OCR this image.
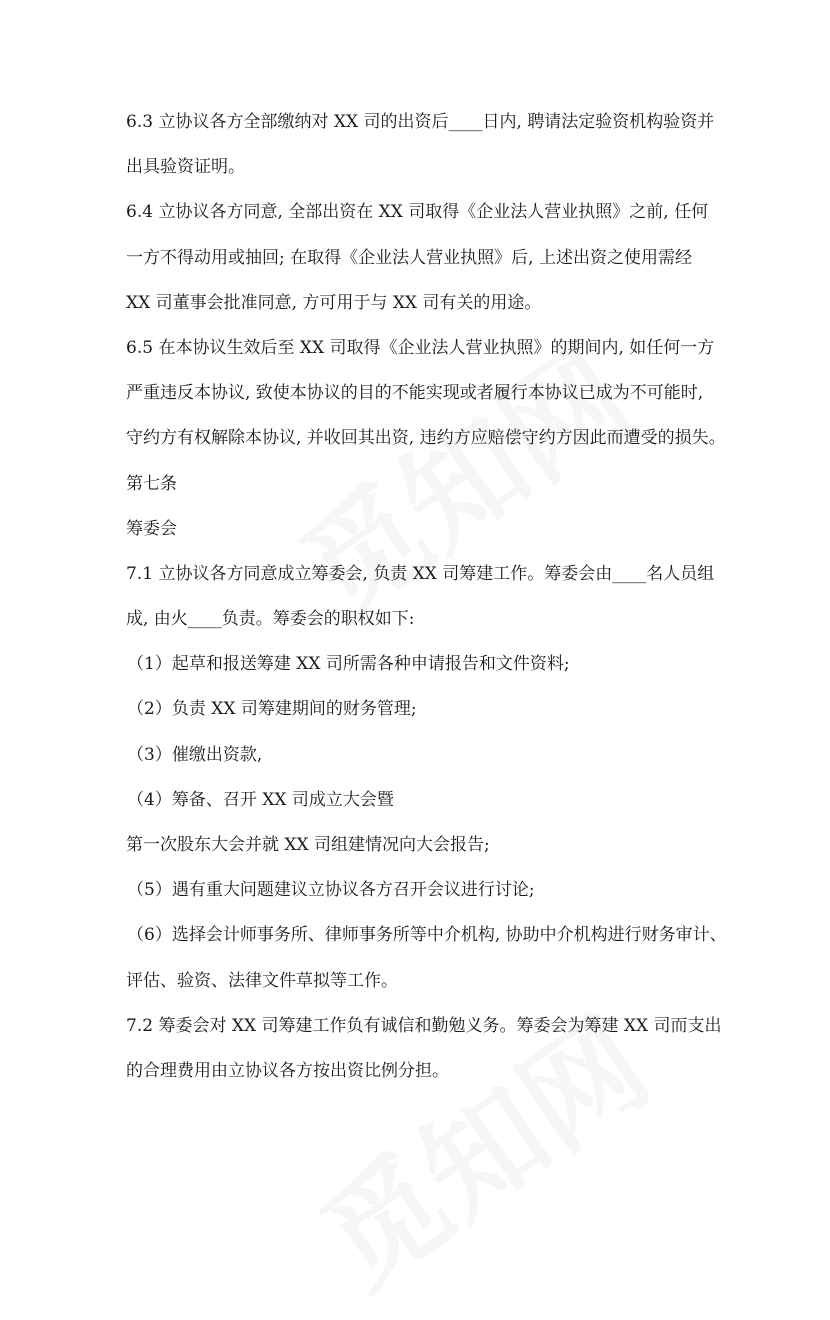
6.3 立协议各方全部缴纳对 XX 司的出资后____日内, 聘请法定验资机构验资并
出具验资证明。
6.4 立协议各方同意, 全部出资在 XX 司取得《企业法人营业执照》之前, 任何
一方不得动用或抽回; 在取得《企业法人营业执照》后, 上述出资之使用需经
XX 司董事会批准同意, 方可用于与 XX 司有关的用途。
6.5 在本协议生效后至 XX 司取得《企业法人营业执照》的期间内, 如任何一方
严重违反本协议, 致使本协议的目的不能实现或者履行本协议已成为不可能时,
守约方有权解除本协议, 并收回其出资, 违约方应赔偿守约方因此而遭受的损失。
第七条
筹委会
7.1 立协议各方同意成立筹委会, 负责 XX 司筹建工作。筹委会由____名人员组
成, 由火____负责。筹委会的职权如下:
（1）起草和报送筹建 XX 司所需各种申请报告和文件资料;
（2）负责 XX 司筹建期间的财务管理;
（3）催缴出资款,
（4）筹备、召开 XX 司成立大会暨
第一次股东大会并就 XX 司组建情况向大会报告;
（5）遇有重大问题建议立协议各方召开会议进行讨论;
（6）选择会计师事务所、律师事务所等中介机构, 协助中介机构进行财务审计、
评估、验资、法律文件草拟等工作。
7.2 筹委会对 XX 司筹建工作负有诚信和勤勉义务。筹委会为筹建 XX 司而支出
的合理费用由立协议各方按出资比例分担。
